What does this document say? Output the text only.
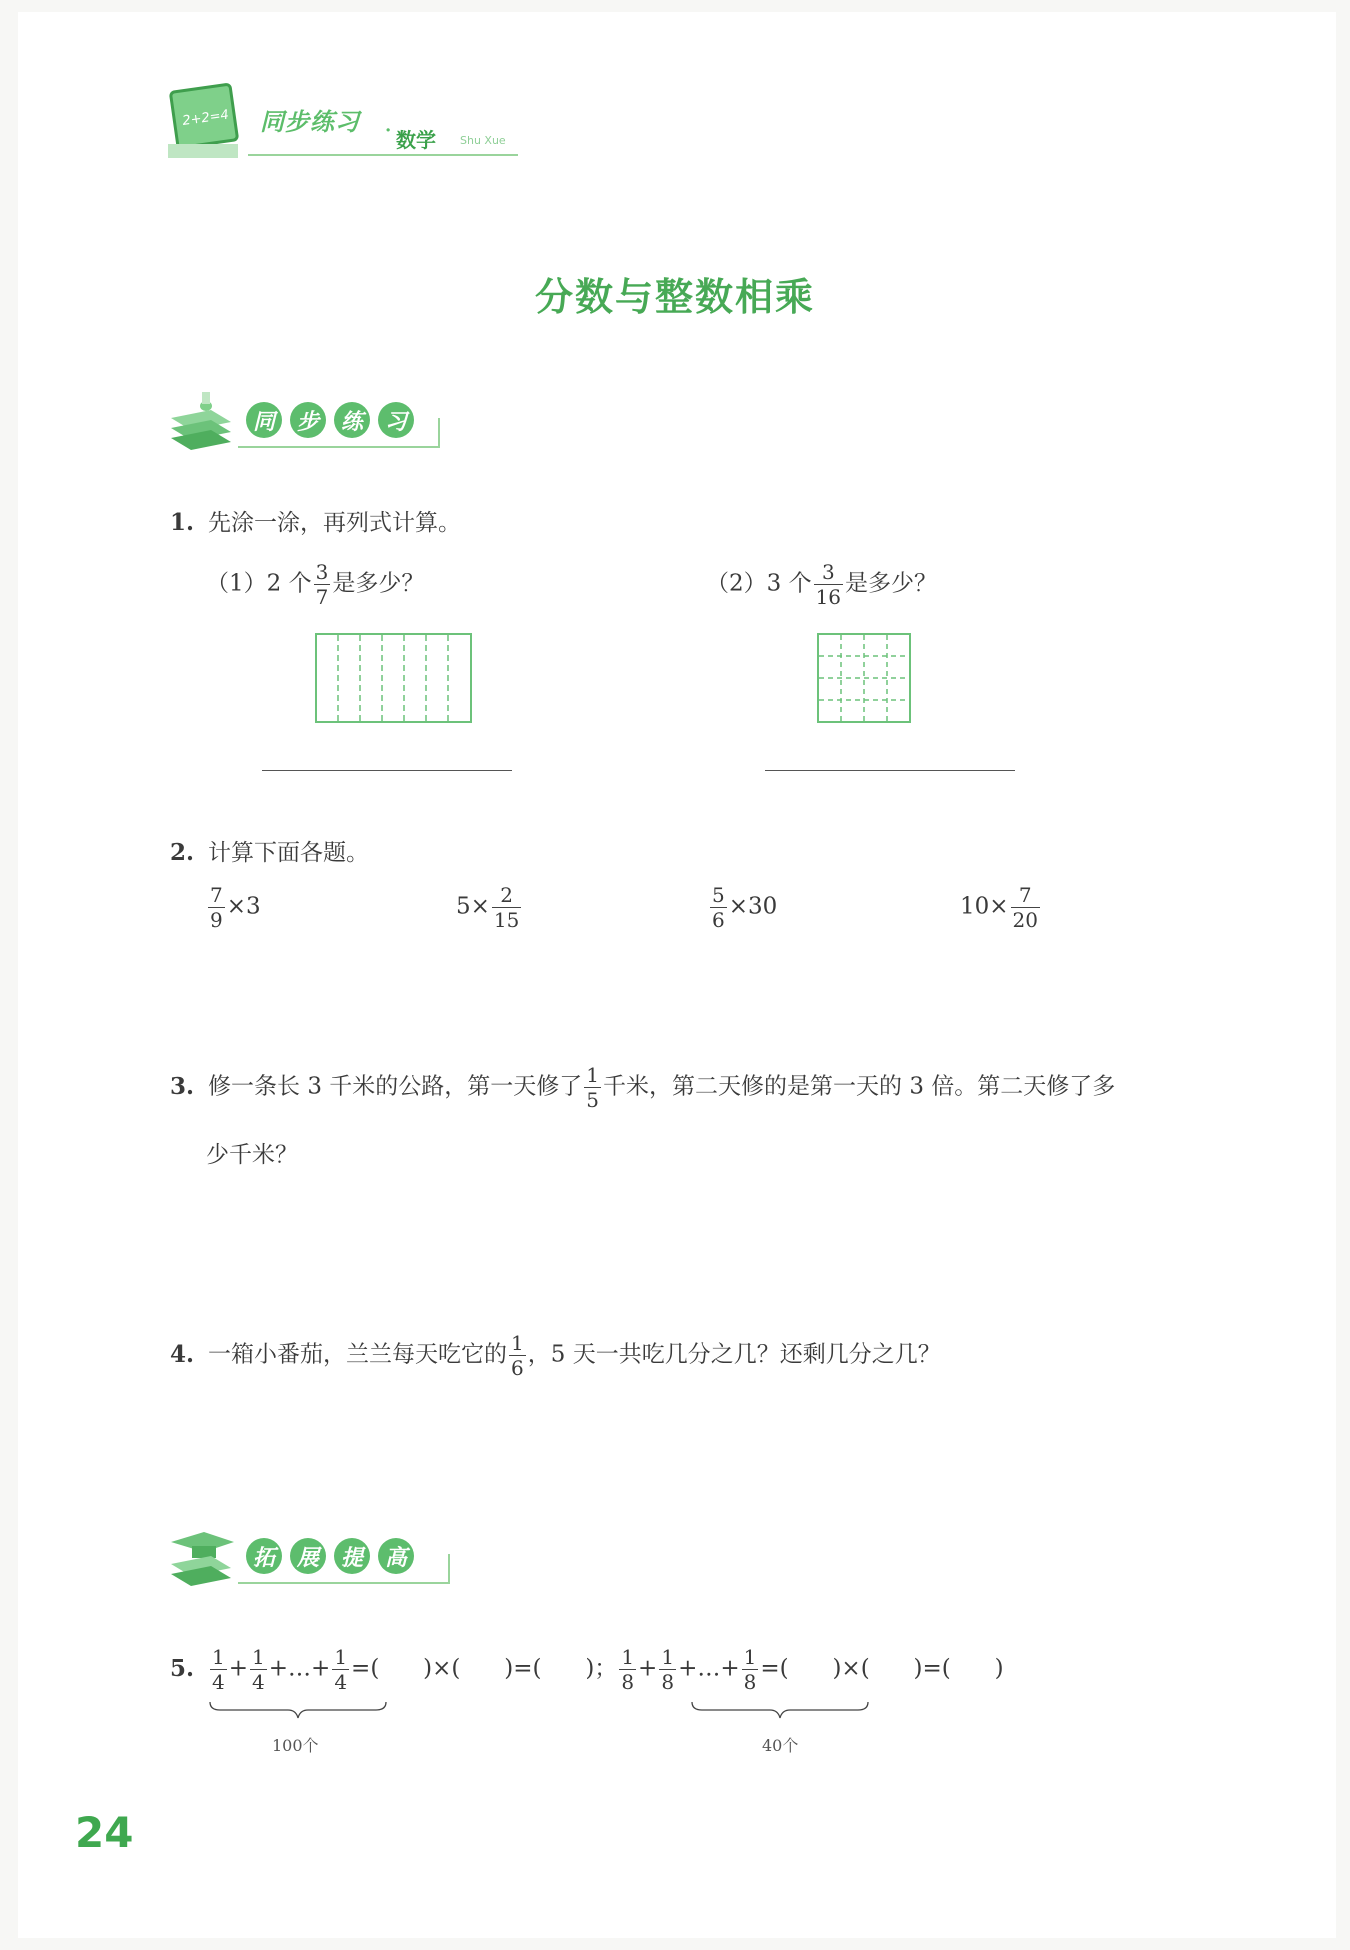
2+2=4 同步练习 · 数学 Shu Xue
分数与整数相乘
同 步 练 习
1. 先涂一涂，再列式计算。
（1）2 个 $\frac{3}{7}$ 是多少？	（2）3 个 $\frac{3}{16}$ 是多少？
2. 计算下面各题。
$\frac{7}{9} \times 3$	$5\times \frac{2}{15}$	$\frac{5}{6} \times 30$	$10\times \frac{7}{20}$
3. 修一条长 3 千米的公路，第一天修了 $\frac{1}{5}$ 千米，第二天修的是第一天的 3 倍。第二天修了多
少千米？
4. 一箱小番茄，兰兰每天吃它的 $\frac{1}{6}$ ，5 天一共吃几分之几？还剩几分之几？
拓 展 提 高
5. $\frac{1}{4} + \frac{1}{4}$ +…+ $\frac{1}{4}$ =(      )×(      )=(      )； $\frac{1}{8} + \frac{1}{8}$ +…+ $\frac{1}{8}$ =(      )×(      )=(      )
100个	40个
24
